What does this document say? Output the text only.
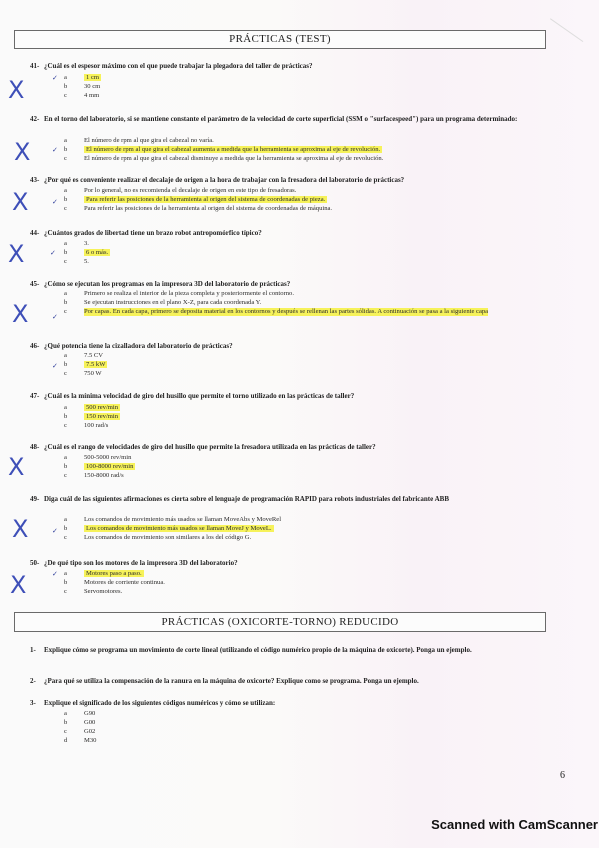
PRÁCTICAS (TEST)
41- ¿Cuál es el espesor máximo con el que puede trabajar la plegadora del taller de prácticas?
X	✓ a	1 cm
b	30 cm
c	4 mm
42- En el torno del laboratorio, si se mantiene constante el parámetro de la velocidad de corte superficial (SSM o "surfacespeed") para un programa determinado:
X	✓
a	El número de rpm al que gira el cabezal no varía.
b	El número de rpm al que gira el cabezal aumenta a medida que la herramienta se aproxima al eje de revolución.
c	El número de rpm al que gira el cabezal disminuye a medida que la herramienta se aproxima al eje de revolución.
43- ¿Por qué es conveniente realizar el decalaje de origen a la hora de trabajar con la fresadora del laboratorio de prácticas?
X	✓
a	Por lo general, no es recomienda el decalaje de origen en este tipo de fresadoras.
b	Para referir las posiciones de la herramienta al origen del sistema de coordenadas de pieza.
c	Para referir las posiciones de la herramienta al origen del sistema de coordenadas de máquina.
44- ¿Cuántos grados de libertad tiene un brazo robot antropomórfico típico?
X	✓
a	3.
b	6 o más.
c	5.
45- ¿Cómo se ejecutan los programas en la impresora 3D del laboratorio de prácticas?
X	✓
a	Primero se realiza el interior de la pieza completa y posteriormente el contorno.
b	Se ejecutan instrucciones en el plano X-Z, para cada coordenada Y.
c	Por capas. En cada capa, primero se deposita material en los contornos y después se rellenan las partes sólidas. A continuación se pasa a la siguiente capa
46- ¿Qué potencia tiene la cizalladora del laboratorio de prácticas?
✓
a	7.5 CV
b	7.5 kW
c	750 W
47- ¿Cuál es la mínima velocidad de giro del husillo que permite el torno utilizado en las prácticas de taller?
a	500 rev/min
b	150 rev/min
c	100 rad/s
48- ¿Cuál es el rango de velocidades de giro del husillo que permite la fresadora utilizada en las prácticas de taller?
X	a	500-5000 rev/min
b	100-8000 rev/min
c	150-8000 rad/s
49- Diga cuál de las siguientes afirmaciones es cierta sobre el lenguaje de programación RAPID para robots industriales del fabricante ABB
X	✓
a	Los comandos de movimiento más usados se llaman MoveAbs y MoveRel
b	Los comandos de movimiento más usados se llaman MoveJ y MoveL.
c	Los comandos de movimiento son similares a los del código G.
50- ¿De qué tipo son los motores de la impresora 3D del laboratorio?
X	✓ a	Motores paso a paso.
b	Motores de corriente continua.
c	Servomotores.
PRÁCTICAS (OXICORTE-TORNO) REDUCIDO
1- Explique cómo se programa un movimiento de corte lineal (utilizando el código numérico propio de la máquina de oxicorte). Ponga un ejemplo.
2- ¿Para qué se utiliza la compensación de la ranura en la máquina de oxicorte? Explique como se programa. Ponga un ejemplo.
3- Explique el significado de los siguientes códigos numéricos y cómo se utilizan:
a	G90
b	G00
c	G02
d	M30
6
Scanned with CamScanner
